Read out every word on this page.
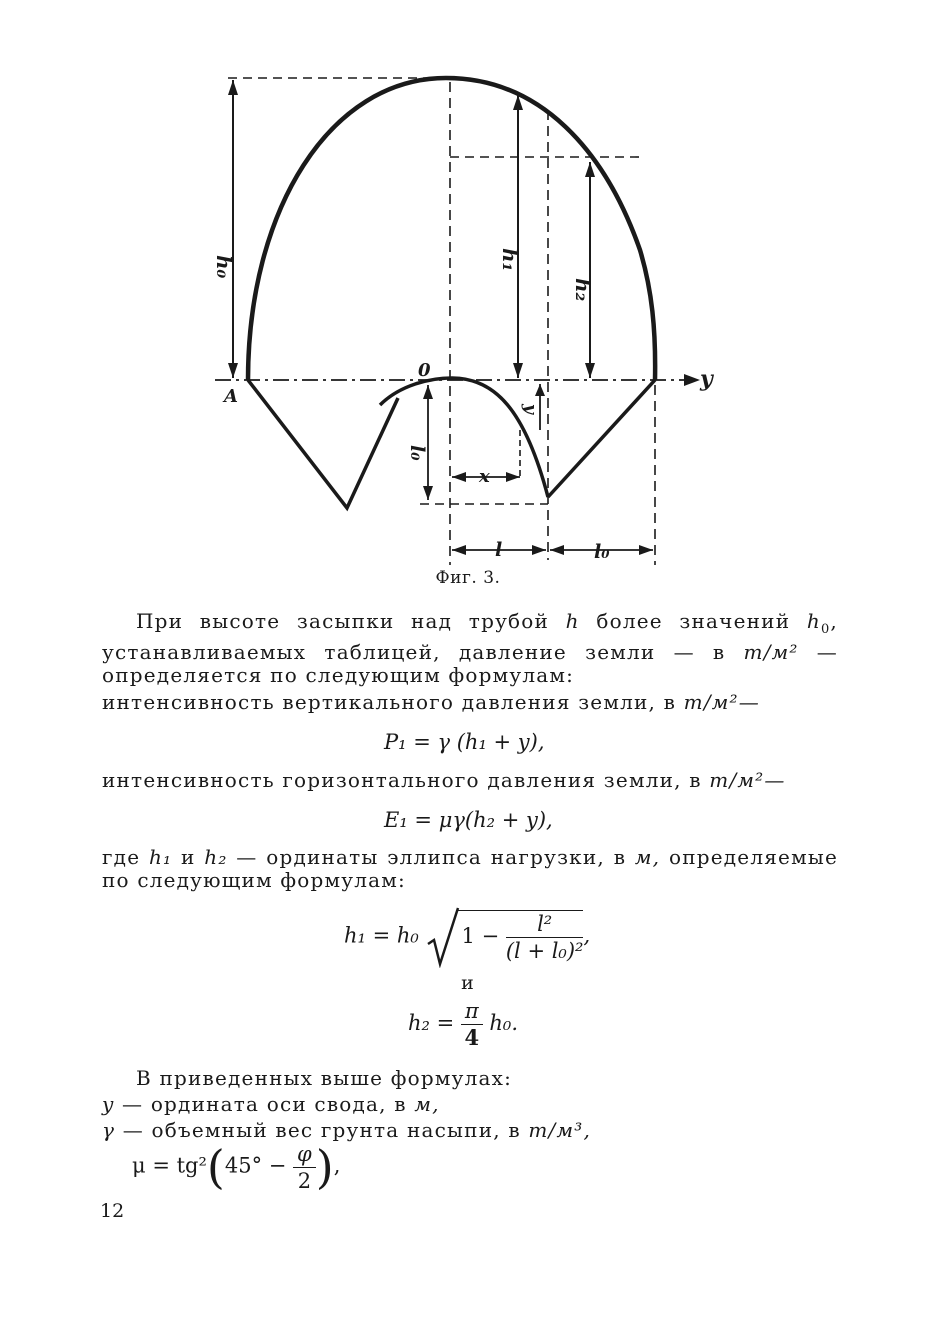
h₀	h₁
h₂
A
0	y
y
l₀
x
l	l₀
Фиг. 3.
При высоте засыпки над трубой h более значений $h_0$, устанавливаемых таблицей, давление земли — в т/м² — определяется по следующим формулам:
интенсивность вертикального давления земли, в т/м²—
P₁ = γ (h₁ + y),
интенсивность горизонтального давления земли, в т/м²—
E₁ = μγ(h₂ + y),
где h₁ и h₂ — ординаты эллипса нагрузки, в м, определяемые по следующим формулам:
h₁ = h₀ $1 - \frac{\text{l²}}{\text{(l + l₀)²}}$ ,
и
$h_2 = \frac{\pi}{4} h_0$.
В приведенных выше формулах:
y — ордината оси свода, в м,
γ — объемный вес грунта насыпи, в т/м³,
$\mu = tg^2(45^\circ - \frac{\varphi}{2}$ ),
12
